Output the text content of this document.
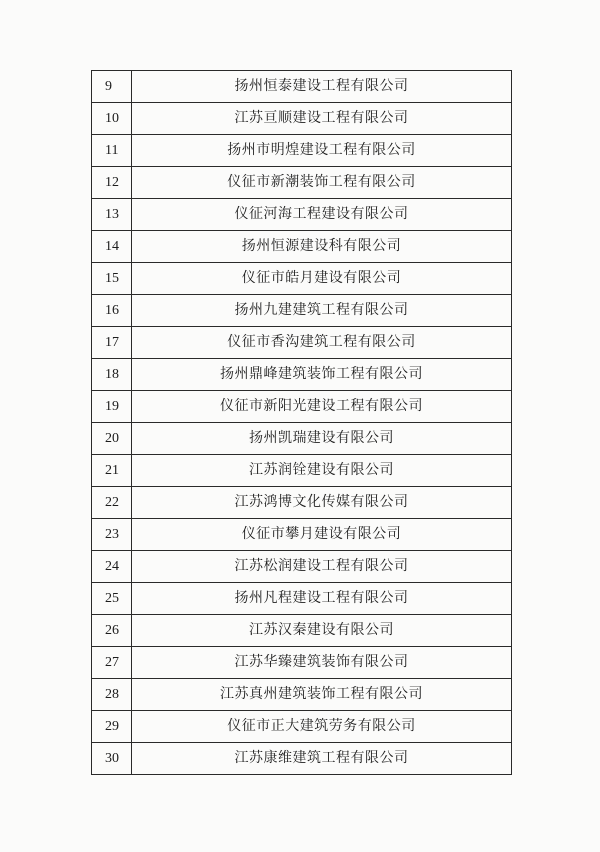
9	扬州恒泰建设工程有限公司
10	江苏亘顺建设工程有限公司
11	扬州市明煌建设工程有限公司
12	仪征市新潮装饰工程有限公司
13	仪征河海工程建设有限公司
14	扬州恒源建设科有限公司
15	仪征市皓月建设有限公司
16	扬州九建建筑工程有限公司
17	仪征市香沟建筑工程有限公司
18	扬州鼎峰建筑装饰工程有限公司
19	仪征市新阳光建设工程有限公司
20	扬州凯瑞建设有限公司
21	江苏润铨建设有限公司
22	江苏鸿博文化传媒有限公司
23	仪征市攀月建设有限公司
24	江苏松润建设工程有限公司
25	扬州凡程建设工程有限公司
26	江苏汉秦建设有限公司
27	江苏华臻建筑装饰有限公司
28	江苏真州建筑装饰工程有限公司
29	仪征市正大建筑劳务有限公司
30	江苏康维建筑工程有限公司
